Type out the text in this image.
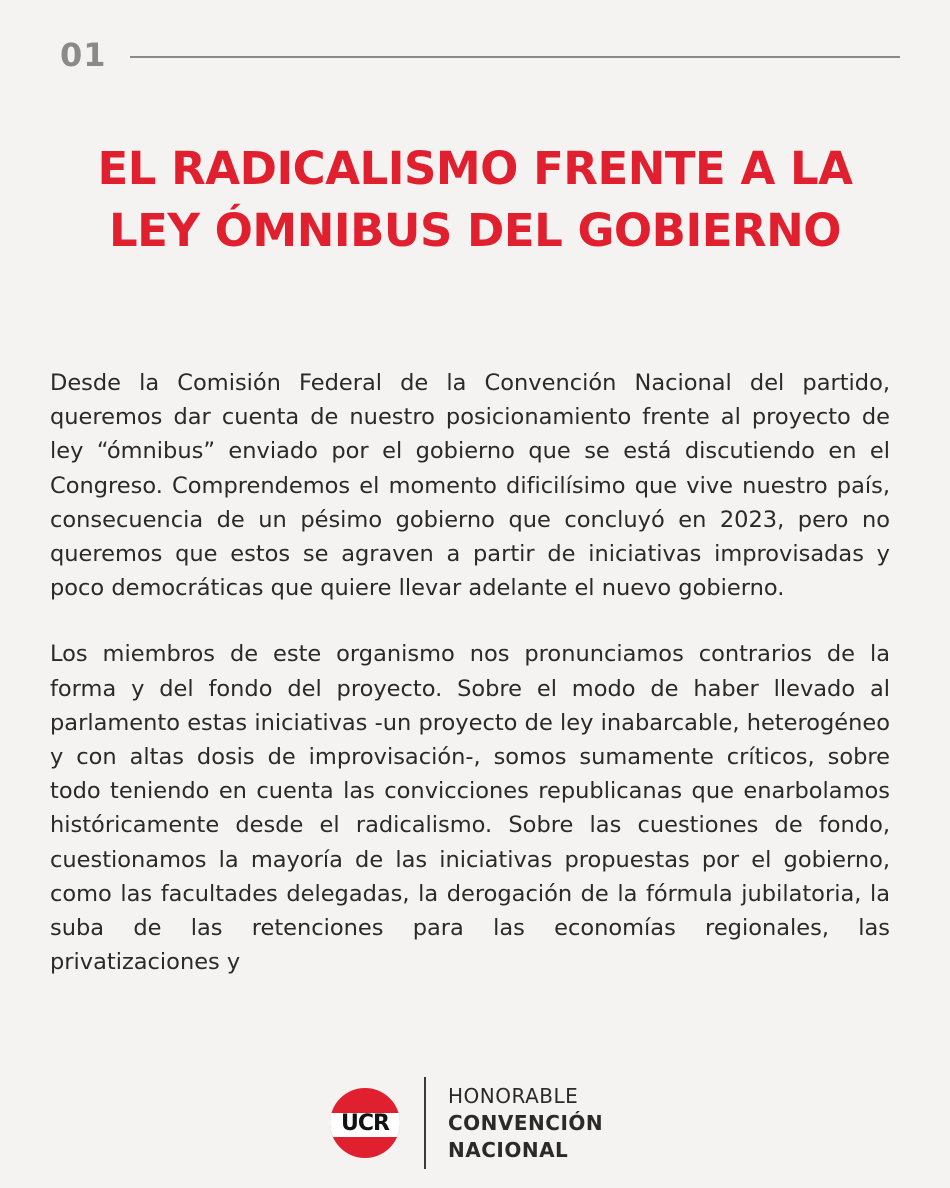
01
EL RADICALISMO FRENTE A LA
LEY ÓMNIBUS DEL GOBIERNO

Desde la Comisión Federal de la Convención Nacional del partido, queremos dar cuenta de nuestro posicionamiento frente al proyecto de ley “ómnibus” enviado por el gobierno que se está discutiendo en el Congreso. Comprendemos el momento dificilísimo que vive nuestro país, consecuencia de un pésimo gobierno que concluyó en 2023, pero no queremos que estos se agraven a partir de iniciativas improvisadas y poco democráticas que quiere llevar adelante el nuevo gobierno.

Los miembros de este organismo nos pronunciamos contrarios de la forma y del fondo del proyecto. Sobre el modo de haber llevado al parlamento estas iniciativas -un proyecto de ley inabarcable, heterogéneo y con altas dosis de improvisación-, somos sumamente críticos, sobre todo teniendo en cuenta las convicciones republicanas que enarbolamos históricamente desde el radicalismo. Sobre las cuestiones de fondo, cuestionamos la mayoría de las iniciativas propuestas por el gobierno, como las facultades delegadas, la derogación de la fórmula jubilatoria, la suba de las retenciones para las economías regionales, las privatizaciones y

UCR
HONORABLE
CONVENCIÓN
NACIONAL
